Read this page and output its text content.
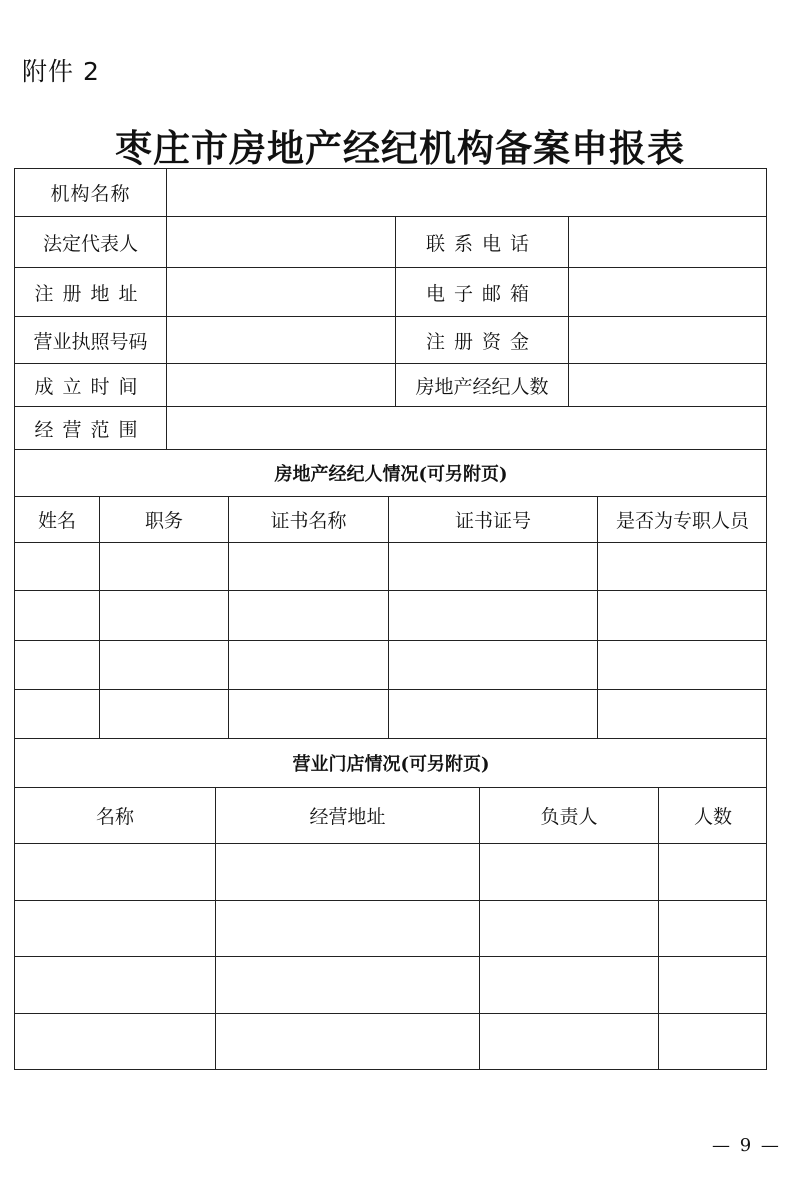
附件 2
枣庄市房地产经纪机构备案申报表
机构名称
法定代表人	联系电话
注册地址	电子邮箱
营业执照号码	注册资金
成立时间	房地产经纪人数
经营范围
房地产经纪人情况(可另附页)
姓名	职务	证书名称	证书证号	是否为专职人员
营业门店情况(可另附页)
名称	经营地址	负责人	人数
— 9 —
